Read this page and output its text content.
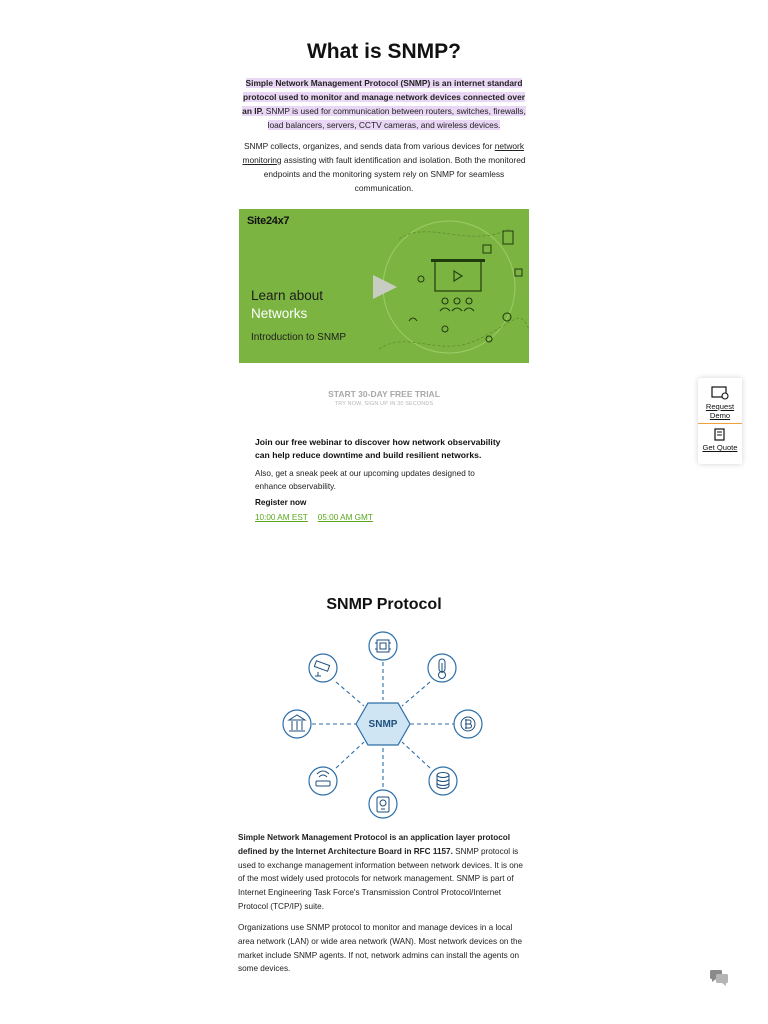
What is SNMP?
Simple Network Management Protocol (SNMP) is an internet standard protocol used to monitor and manage network devices connected over an IP. SNMP is used for communication between routers, switches, firewalls, load balancers, servers, CCTV cameras, and wireless devices.
SNMP collects, organizes, and sends data from various devices for network monitoring assisting with fault identification and isolation. Both the monitored endpoints and the monitoring system rely on SNMP for seamless communication.
Site24x7
Learn about
Networks
Introduction to SNMP
START 30-DAY FREE TRIAL
TRY NOW, SIGN UP IN 30 SECONDS
Join our free webinar to discover how network observability can help reduce downtime and build resilient networks.
Also, get a sneak peek at our upcoming updates designed to enhance observability.
Register now
10:00 AM EST 05:00 AM GMT
Request
Demo
Get Quote
SNMP Protocol
SNMP
Simple Network Management Protocol is an application layer protocol defined by the Internet Architecture Board in RFC 1157. SNMP protocol is used to exchange management information between network devices. It is one of the most widely used protocols for network management. SNMP is part of Internet Engineering Task Force's Transmission Control Protocol/Internet Protocol (TCP/IP) suite.
Organizations use SNMP protocol to monitor and manage devices in a local area network (LAN) or wide area network (WAN). Most network devices on the market include SNMP agents. If not, network admins can install the agents on some devices.
